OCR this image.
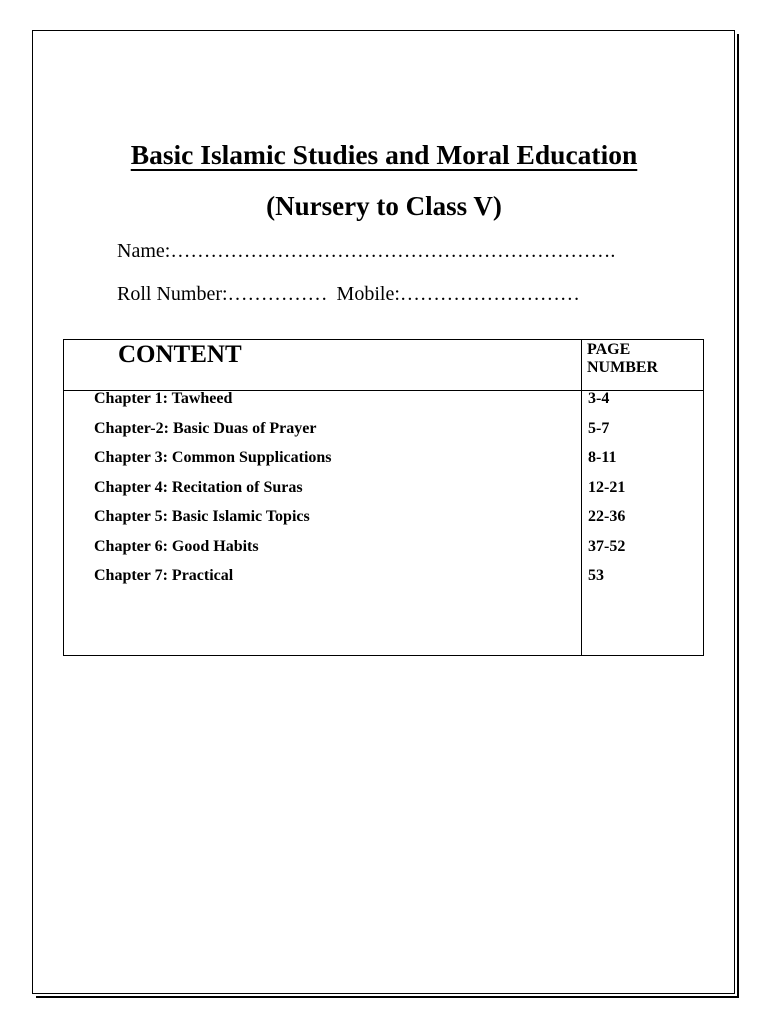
Basic Islamic Studies and Moral Education
(Nursery to Class V)
Name:………………………………………………………….
Roll Number:…………… Mobile:………………………
CONTENT	PAGE
NUMBER
Chapter 1: Tawheed	3-4
Chapter-2: Basic Duas of Prayer	5-7
Chapter 3: Common Supplications	8-11
Chapter 4: Recitation of Suras	12-21
Chapter 5: Basic Islamic Topics	22-36
Chapter 6: Good Habits	37-52
Chapter 7: Practical	53
